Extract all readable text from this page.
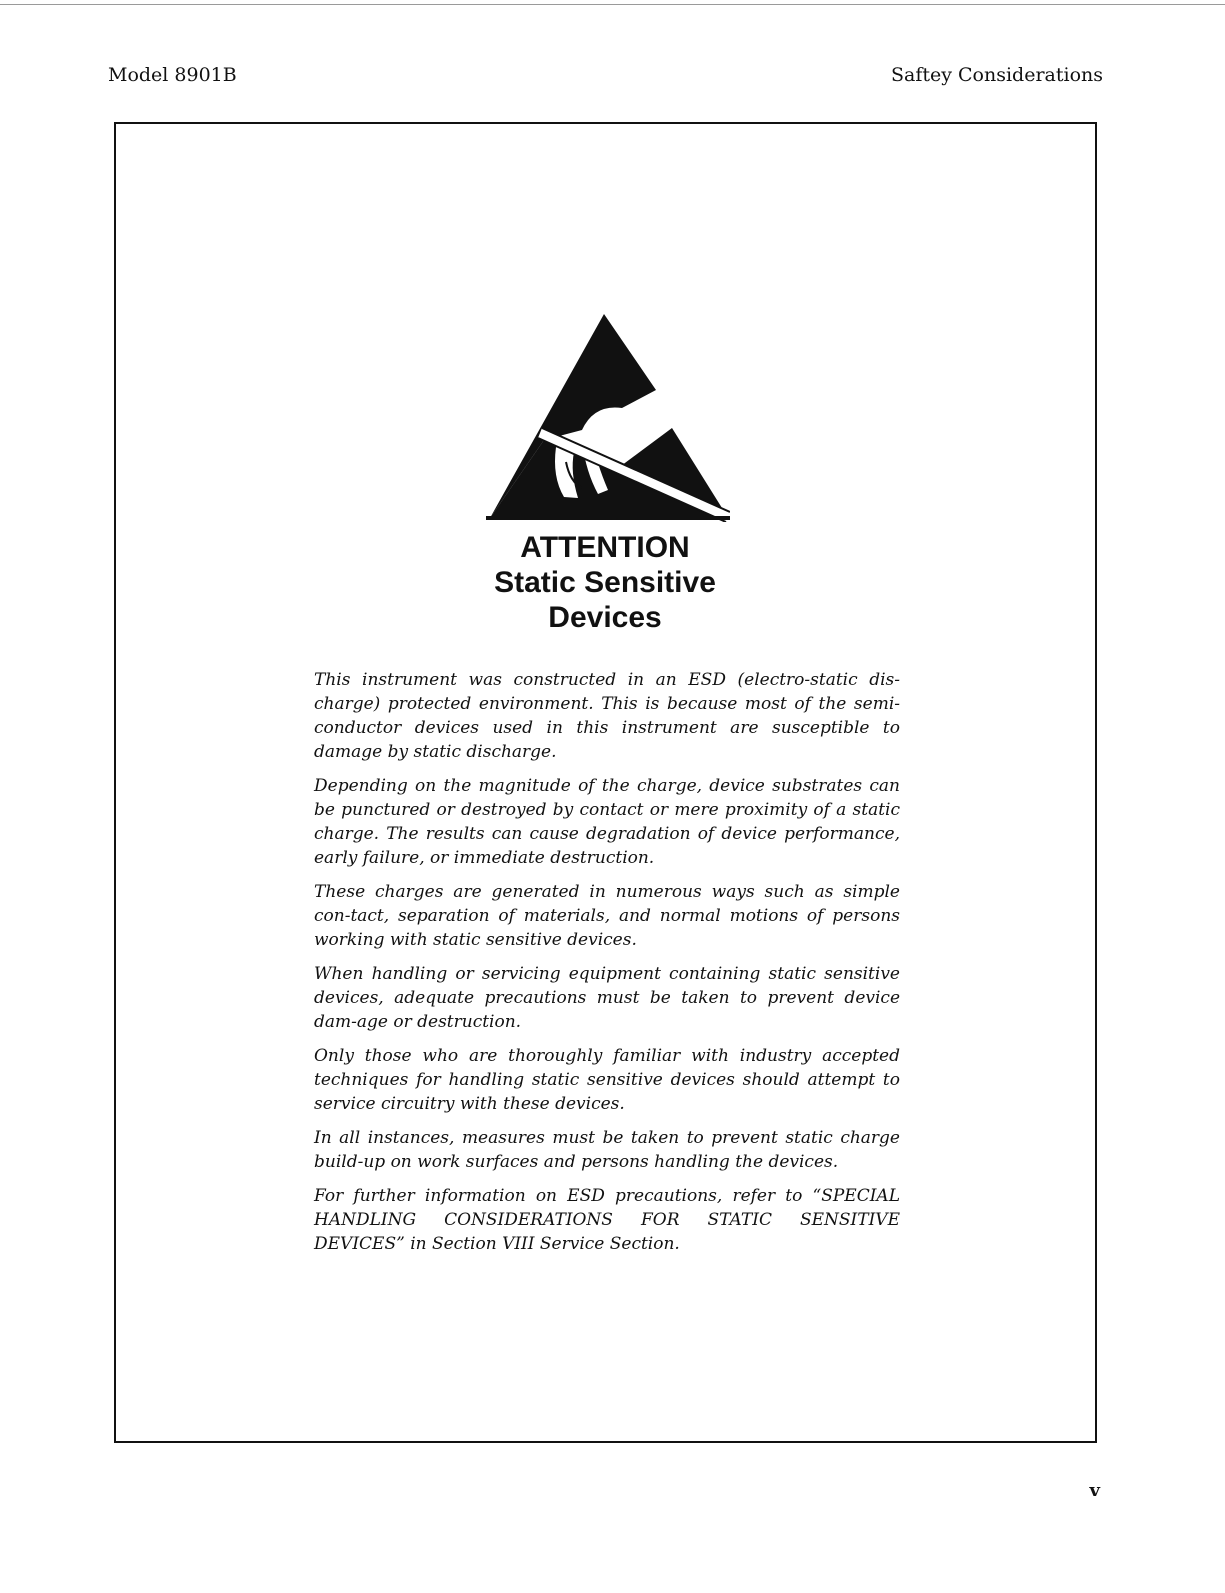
Model 8901B	Saftey Considerations
ATTENTION
Static Sensitive
Devices

This instrument was constructed in an ESD (electro-static dis-charge) protected environment. This is because most of the semi-conductor devices used in this instrument are susceptible to damage by static discharge.

Depending on the magnitude of the charge, device substrates can be punctured or destroyed by contact or mere proximity of a static charge. The results can cause degradation of device performance, early failure, or immediate destruction.

These charges are generated in numerous ways such as simple con-tact, separation of materials, and normal motions of persons working with static sensitive devices.

When handling or servicing equipment containing static sensitive devices, adequate precautions must be taken to prevent device dam-age or destruction.

Only those who are thoroughly familiar with industry accepted techniques for handling static sensitive devices should attempt to service circuitry with these devices.

In all instances, measures must be taken to prevent static charge build-up on work surfaces and persons handling the devices.

For further information on ESD precautions, refer to “SPECIAL HANDLING CONSIDERATIONS FOR STATIC SENSITIVE DEVICES” in Section VIII Service Section.

v
